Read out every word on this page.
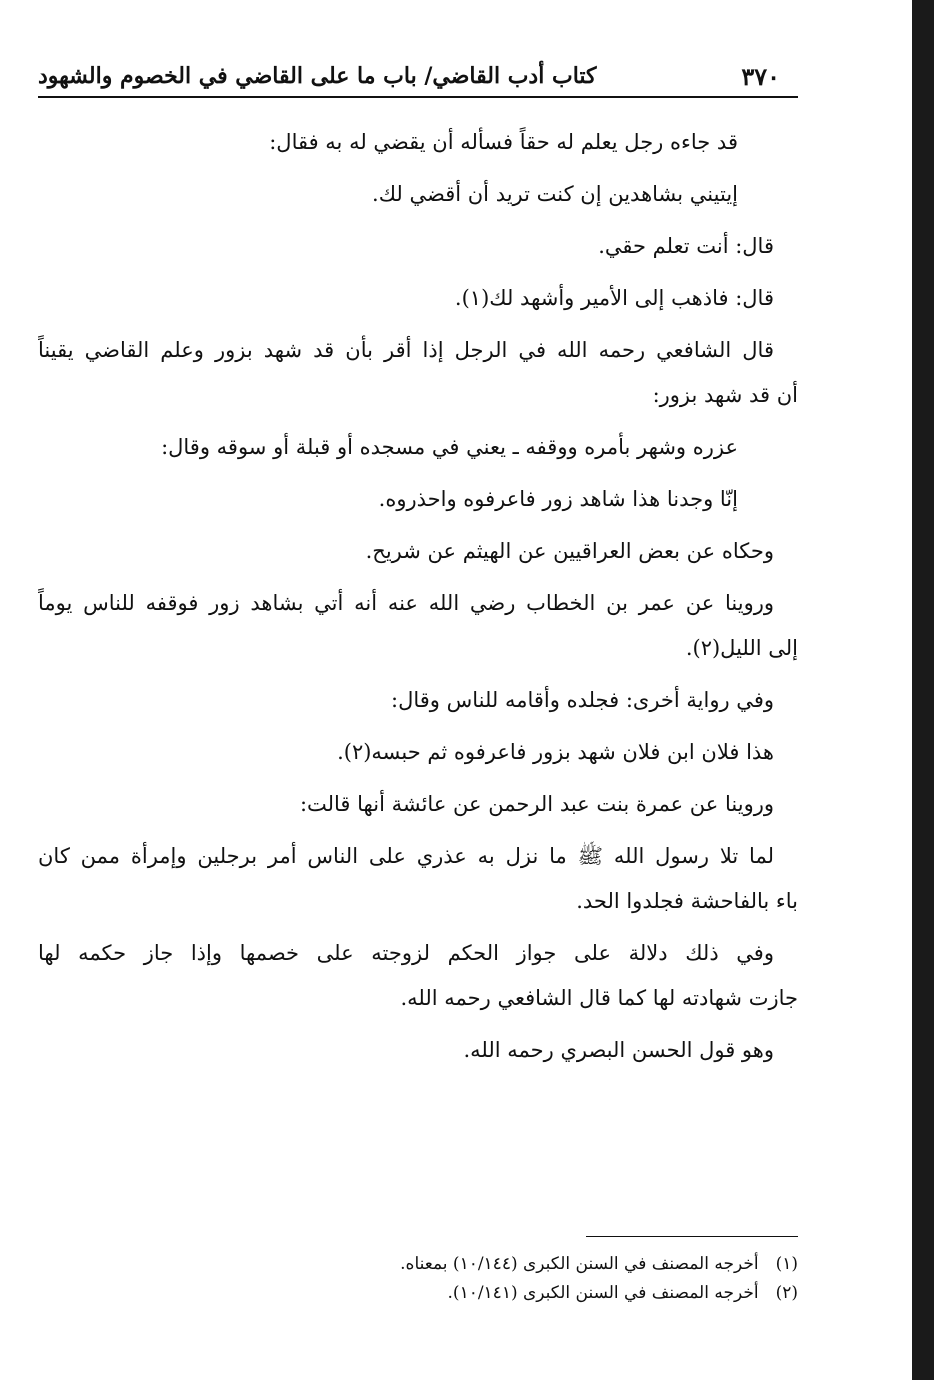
٣٧٠
كتاب أدب القاضي/ باب ما على القاضي في الخصوم والشهود
قد جاءه رجل يعلم له حقاً فسأله أن يقضي له به فقال:
إيتيني بشاهدين إن كنت تريد أن أقضي لك.
قال: أنت تعلم حقي.
قال: فاذهب إلى الأمير وأشهد لك(١).
قال الشافعي رحمه الله في الرجل إذا أقر بأن قد شهد بزور وعلم القاضي يقيناً
أن قد شهد بزور:
عزره وشهر بأمره ووقفه ـ يعني في مسجده أو قبلة أو سوقه وقال:
إنّا وجدنا هذا شاهد زور فاعرفوه واحذروه.
وحكاه عن بعض العراقيين عن الهيثم عن شريح.
وروينا عن عمر بن الخطاب رضي الله عنه أنه أتي بشاهد زور فوقفه للناس يوماً
إلى الليل(٢).
وفي رواية أخرى: فجلده وأقامه للناس وقال:
هذا فلان ابن فلان شهد بزور فاعرفوه ثم حبسه(٢).
وروينا عن عمرة بنت عبد الرحمن عن عائشة أنها قالت:
لما تلا رسول الله ﷺ ما نزل به عذري على الناس أمر برجلين وإمرأة ممن كان
باء بالفاحشة فجلدوا الحد.
وفي ذلك دلالة على جواز الحكم لزوجته على خصمها وإذا جاز حكمه لها
جازت شهادته لها كما قال الشافعي رحمه الله.
وهو قول الحسن البصري رحمه الله.
(١) أخرجه المصنف في السنن الكبرى (١٠/١٤٤) بمعناه.
(٢) أخرجه المصنف في السنن الكبرى (١٠/١٤١).
